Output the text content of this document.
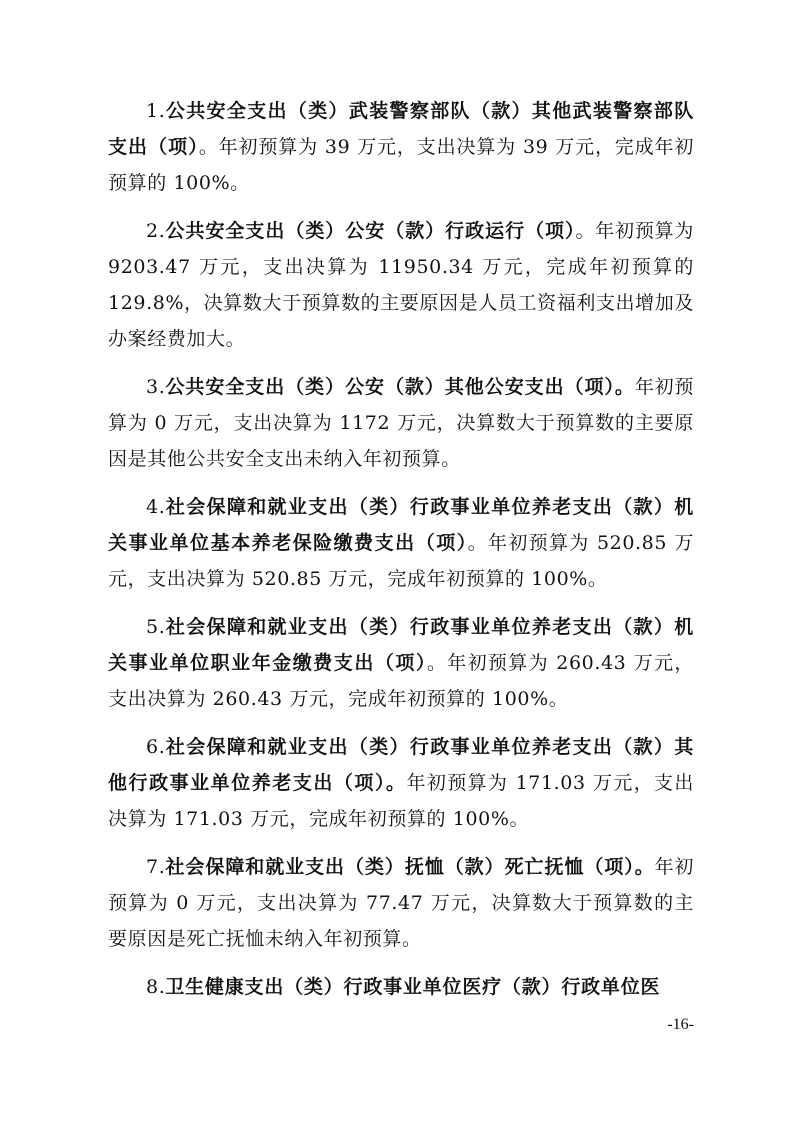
1.公共安全支出（类）武装警察部队（款）其他武装警察部队支出（项）。年初预算为 39 万元，支出决算为 39 万元，完成年初预算的 100%。

2.公共安全支出（类）公安（款）行政运行（项）。年初预算为 9203.47 万元，支出决算为 11950.34 万元，完成年初预算的 129.8%，决算数大于预算数的主要原因是人员工资福利支出增加及办案经费加大。

3.公共安全支出（类）公安（款）其他公安支出（项）。年初预算为 0 万元，支出决算为 1172 万元，决算数大于预算数的主要原因是其他公共安全支出未纳入年初预算。

4.社会保障和就业支出（类）行政事业单位养老支出（款）机关事业单位基本养老保险缴费支出（项）。年初预算为 520.85 万元，支出决算为 520.85 万元，完成年初预算的 100%。

5.社会保障和就业支出（类）行政事业单位养老支出（款）机关事业单位职业年金缴费支出（项）。年初预算为 260.43 万元，支出决算为 260.43 万元，完成年初预算的 100%。

6.社会保障和就业支出（类）行政事业单位养老支出（款）其他行政事业单位养老支出（项）。年初预算为 171.03 万元，支出决算为 171.03 万元，完成年初预算的 100%。

7.社会保障和就业支出（类）抚恤（款）死亡抚恤（项）。年初预算为 0 万元，支出决算为 77.47 万元，决算数大于预算数的主要原因是死亡抚恤未纳入年初预算。

8.卫生健康支出（类）行政事业单位医疗（款）行政单位医

-16-
